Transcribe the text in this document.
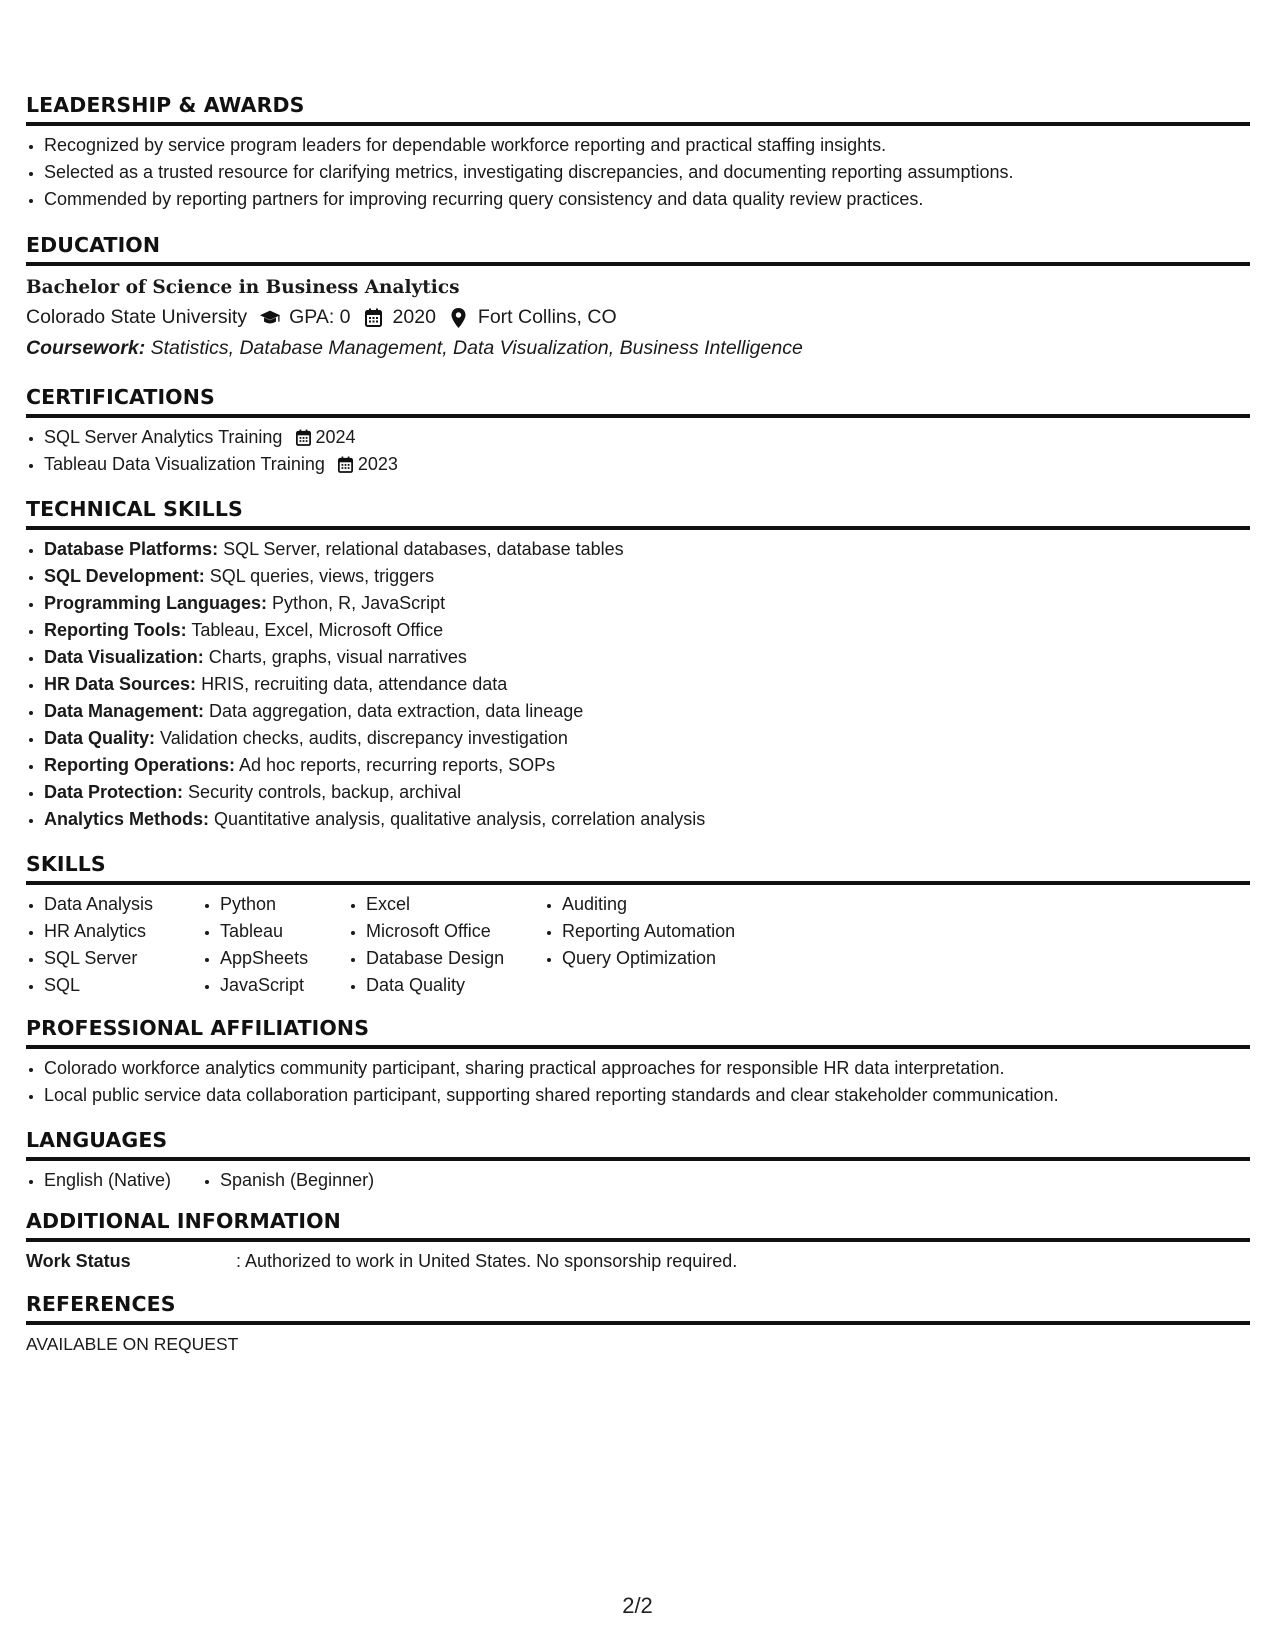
LEADERSHIP & AWARDS
• Recognized by service program leaders for dependable workforce reporting and practical staffing insights.
• Selected as a trusted resource for clarifying metrics, investigating discrepancies, and documenting reporting assumptions.
• Commended by reporting partners for improving recurring query consistency and data quality review practices.
EDUCATION
Bachelor of Science in Business Analytics
Colorado State University GPA: 0 2020 Fort Collins, CO
Coursework: Statistics, Database Management, Data Visualization, Business Intelligence
CERTIFICATIONS
• SQL Server Analytics Training 2024
• Tableau Data Visualization Training 2023
TECHNICAL SKILLS
• Database Platforms: SQL Server, relational databases, database tables
• SQL Development: SQL queries, views, triggers
• Programming Languages: Python, R, JavaScript
• Reporting Tools: Tableau, Excel, Microsoft Office
• Data Visualization: Charts, graphs, visual narratives
• HR Data Sources: HRIS, recruiting data, attendance data
• Data Management: Data aggregation, data extraction, data lineage
• Data Quality: Validation checks, audits, discrepancy investigation
• Reporting Operations: Ad hoc reports, recurring reports, SOPs
• Data Protection: Security controls, backup, archival
• Analytics Methods: Quantitative analysis, qualitative analysis, correlation analysis
SKILLS
• Data Analysis
• HR Analytics
• SQL Server
• SQL
• Python
• Tableau
• AppSheets
• JavaScript
• Excel
• Microsoft Office
• Database Design
• Data Quality
• Auditing
• Reporting Automation
• Query Optimization
PROFESSIONAL AFFILIATIONS
• Colorado workforce analytics community participant, sharing practical approaches for responsible HR data interpretation.
• Local public service data collaboration participant, supporting shared reporting standards and clear stakeholder communication.
LANGUAGES
• English (Native)
•	Spanish (Beginner)
ADDITIONAL INFORMATION
Work Status	: Authorized to work in United States. No sponsorship required.
REFERENCES
AVAILABLE ON REQUEST
2/2
